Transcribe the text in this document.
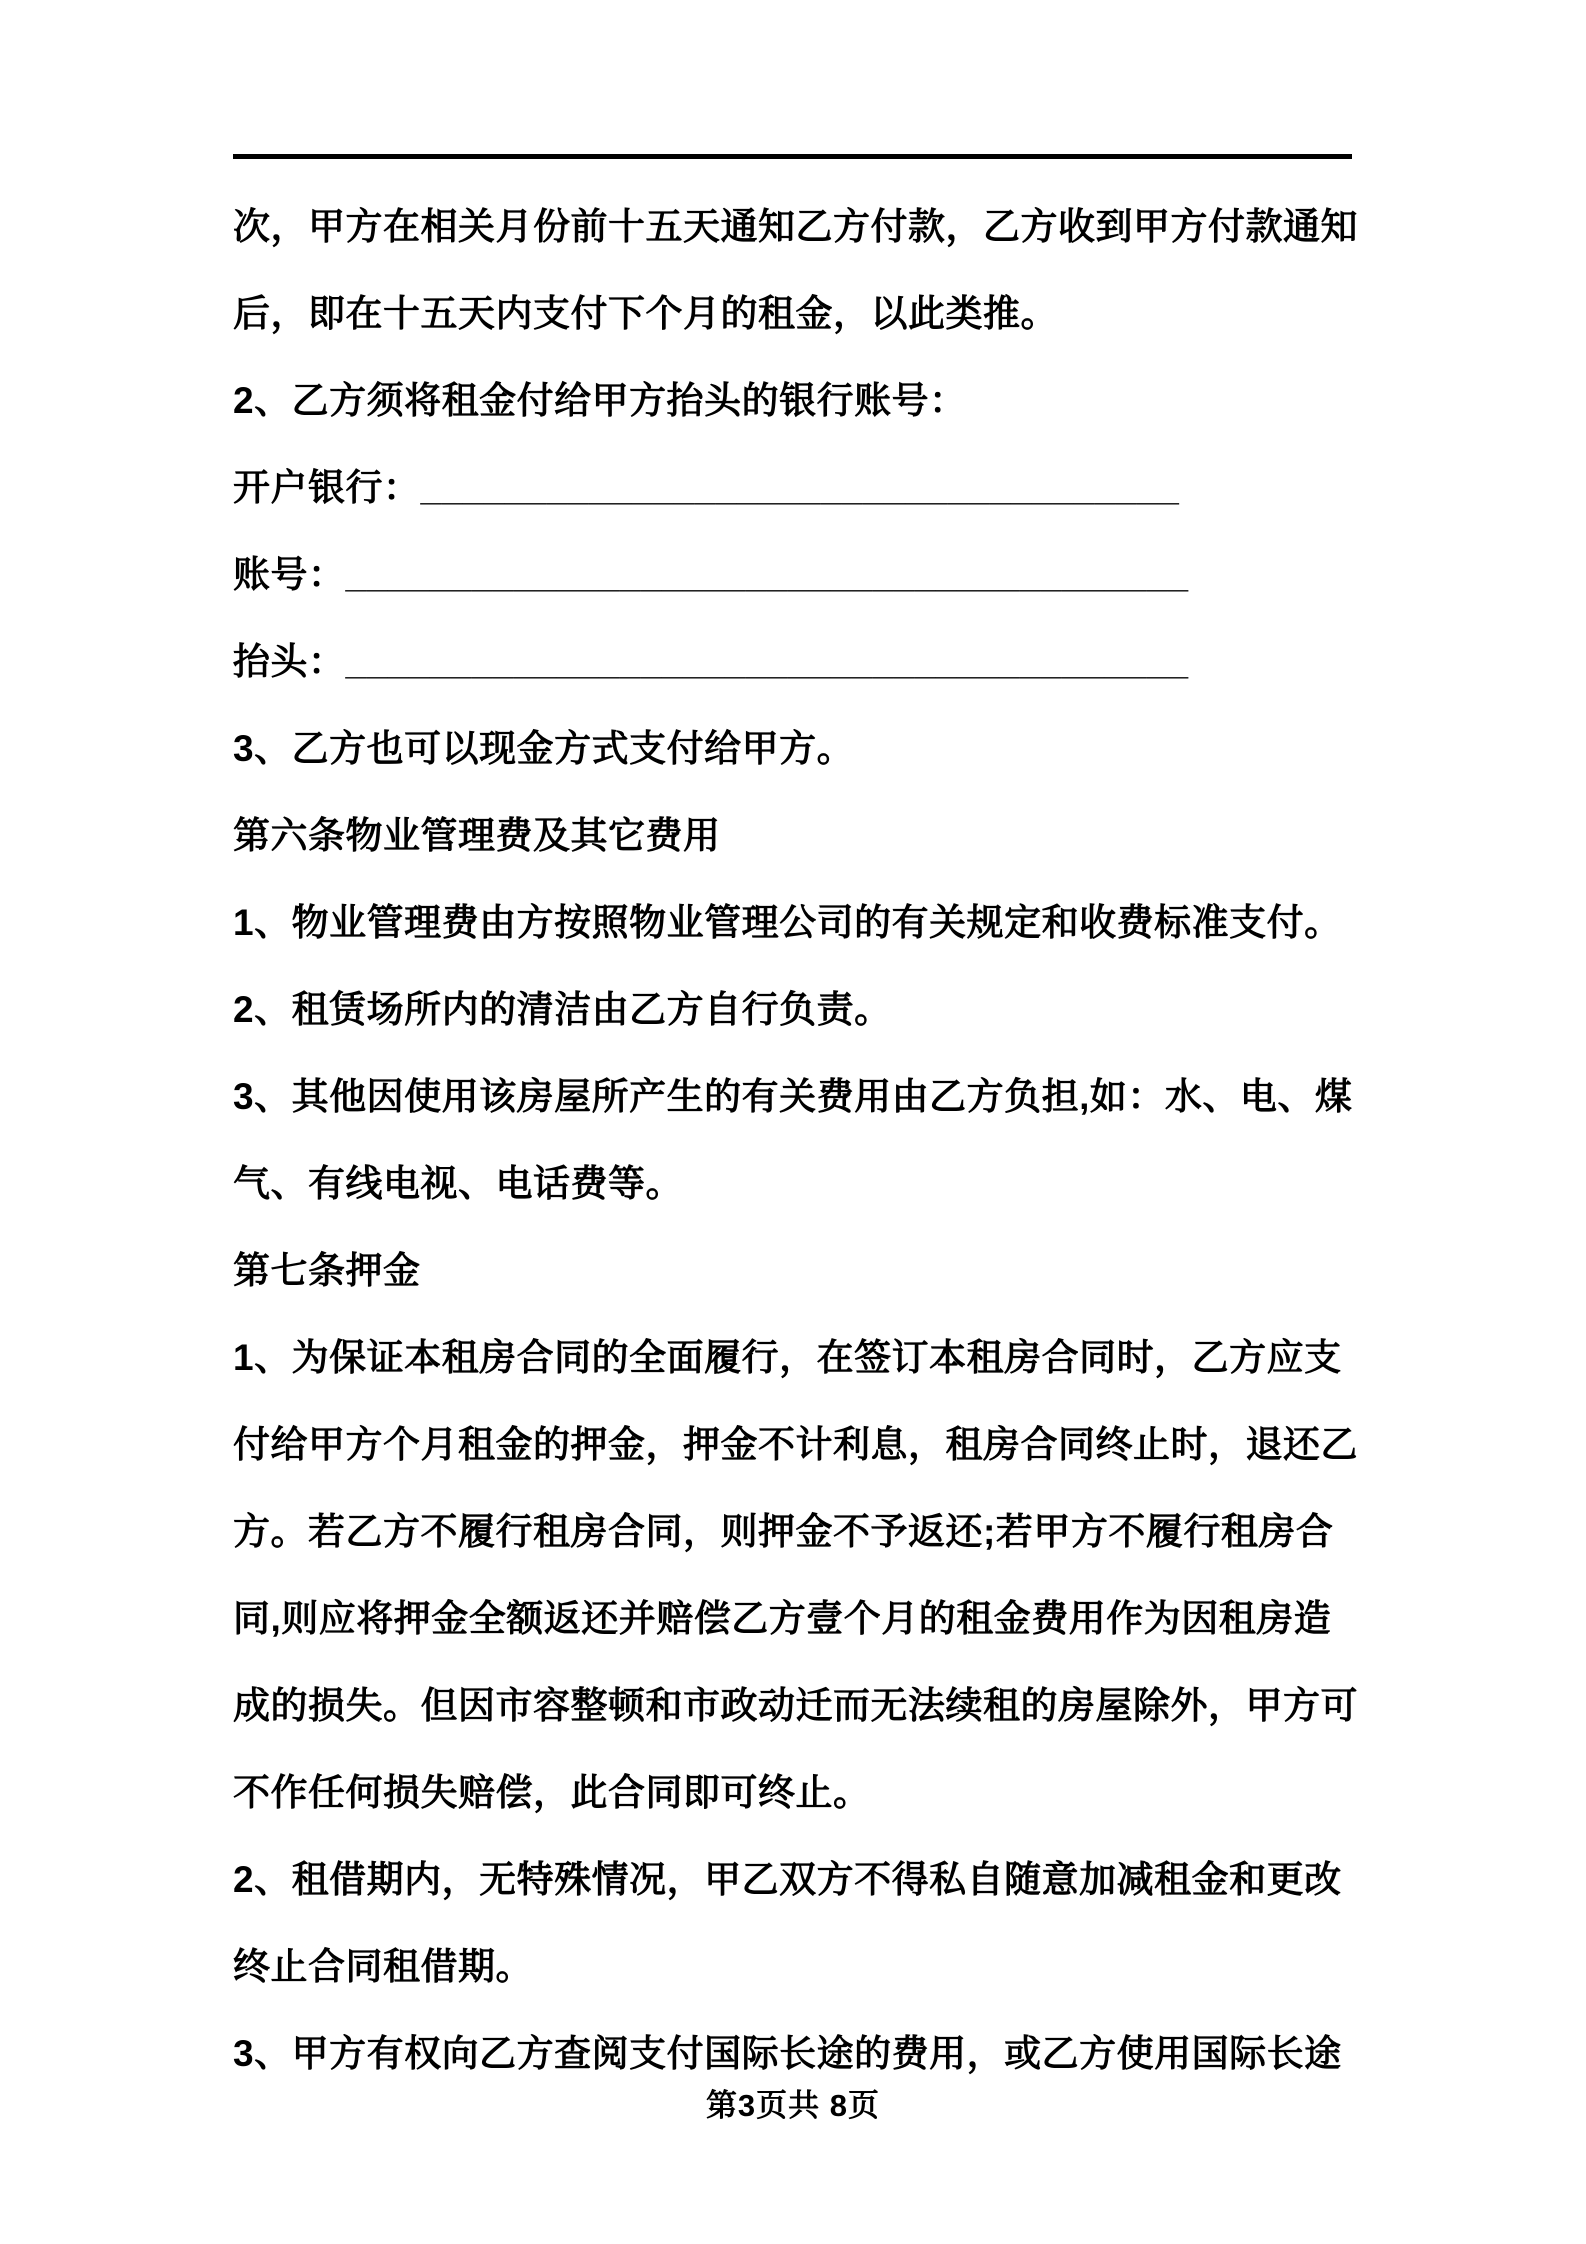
次，甲方在相关月份前十五天通知乙方付款，乙方收到甲方付款通知
后，即在十五天内支付下个月的租金，以此类推。
2、乙方须将租金付给甲方抬头的银行账号：
开户银行：____________________________________
账号：________________________________________
抬头：________________________________________
3、乙方也可以现金方式支付给甲方。
第六条物业管理费及其它费用
1、物业管理费由方按照物业管理公司的有关规定和收费标准支付。
2、租赁场所内的清洁由乙方自行负责。
3、其他因使用该房屋所产生的有关费用由乙方负担,如：水、电、煤
气、有线电视、电话费等。
第七条押金
1、为保证本租房合同的全面履行，在签订本租房合同时，乙方应支
付给甲方个月租金的押金，押金不计利息，租房合同终止时，退还乙
方。若乙方不履行租房合同，则押金不予返还;若甲方不履行租房合
同,则应将押金全额返还并赔偿乙方壹个月的租金费用作为因租房造
成的损失。但因市容整顿和市政动迁而无法续租的房屋除外，甲方可
不作任何损失赔偿，此合同即可终止。
2、租借期内，无特殊情况，甲乙双方不得私自随意加减租金和更改
终止合同租借期。
3、甲方有权向乙方查阅支付国际长途的费用，或乙方使用国际长途
第3页共 8页
